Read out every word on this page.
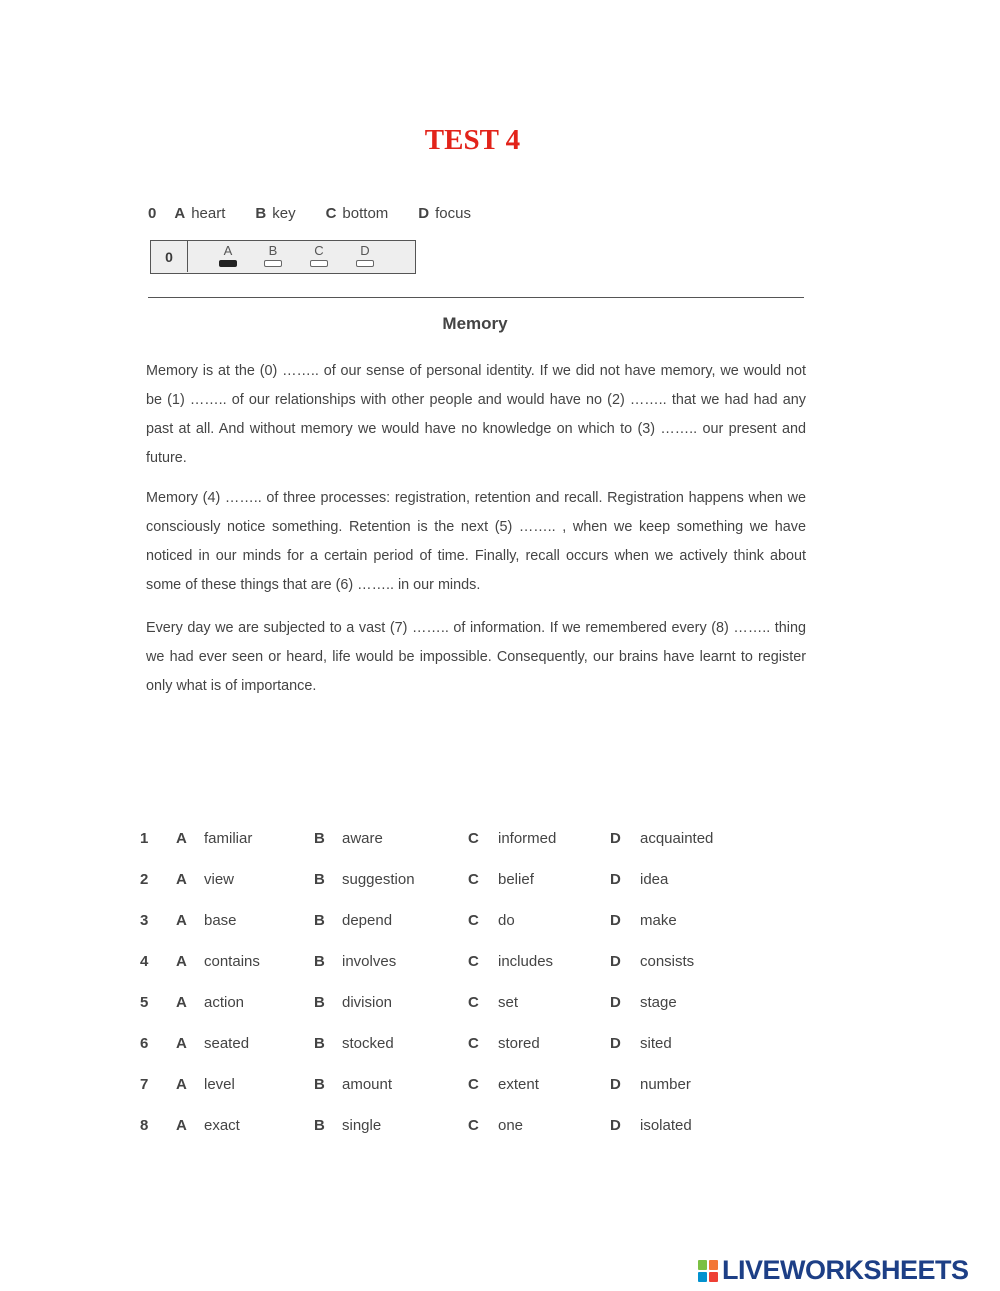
TEST 4
0 A heart B key C bottom D focus
0	A	B	C	D
Memory

Memory is at the (0) …….. of our sense of personal identity. If we did not have memory, we would not be (1) …….. of our relationships with other people and would have no (2) …….. that we had had any past at all. And without memory we would have no knowledge on which to (3) …….. our present and future.

Memory (4) …….. of three processes: registration, retention and recall. Registration happens when we consciously notice something. Retention is the next (5) …….. , when we keep something we have noticed in our minds for a certain period of time. Finally, recall occurs when we actively think about some of these things that are (6) …….. in our minds.

Every day we are subjected to a vast (7) …….. of information. If we remembered every (8) …….. thing we had ever seen or heard, life would be impossible. Consequently, our brains have learnt to register only what is of importance.

1 A familiar	B aware	C informed	D acquainted
2 A view	B suggestion	C belief	D idea
3 A base	B depend	C do	D make
4 A contains	B involves	C includes	D consists
5 A action	B division	C set	D stage
6 A seated	B stocked	C stored	D sited
7 A level	B amount	C extent	D number
8 A exact	B single	C one	D isolated
LIVEWORKSHEETS
